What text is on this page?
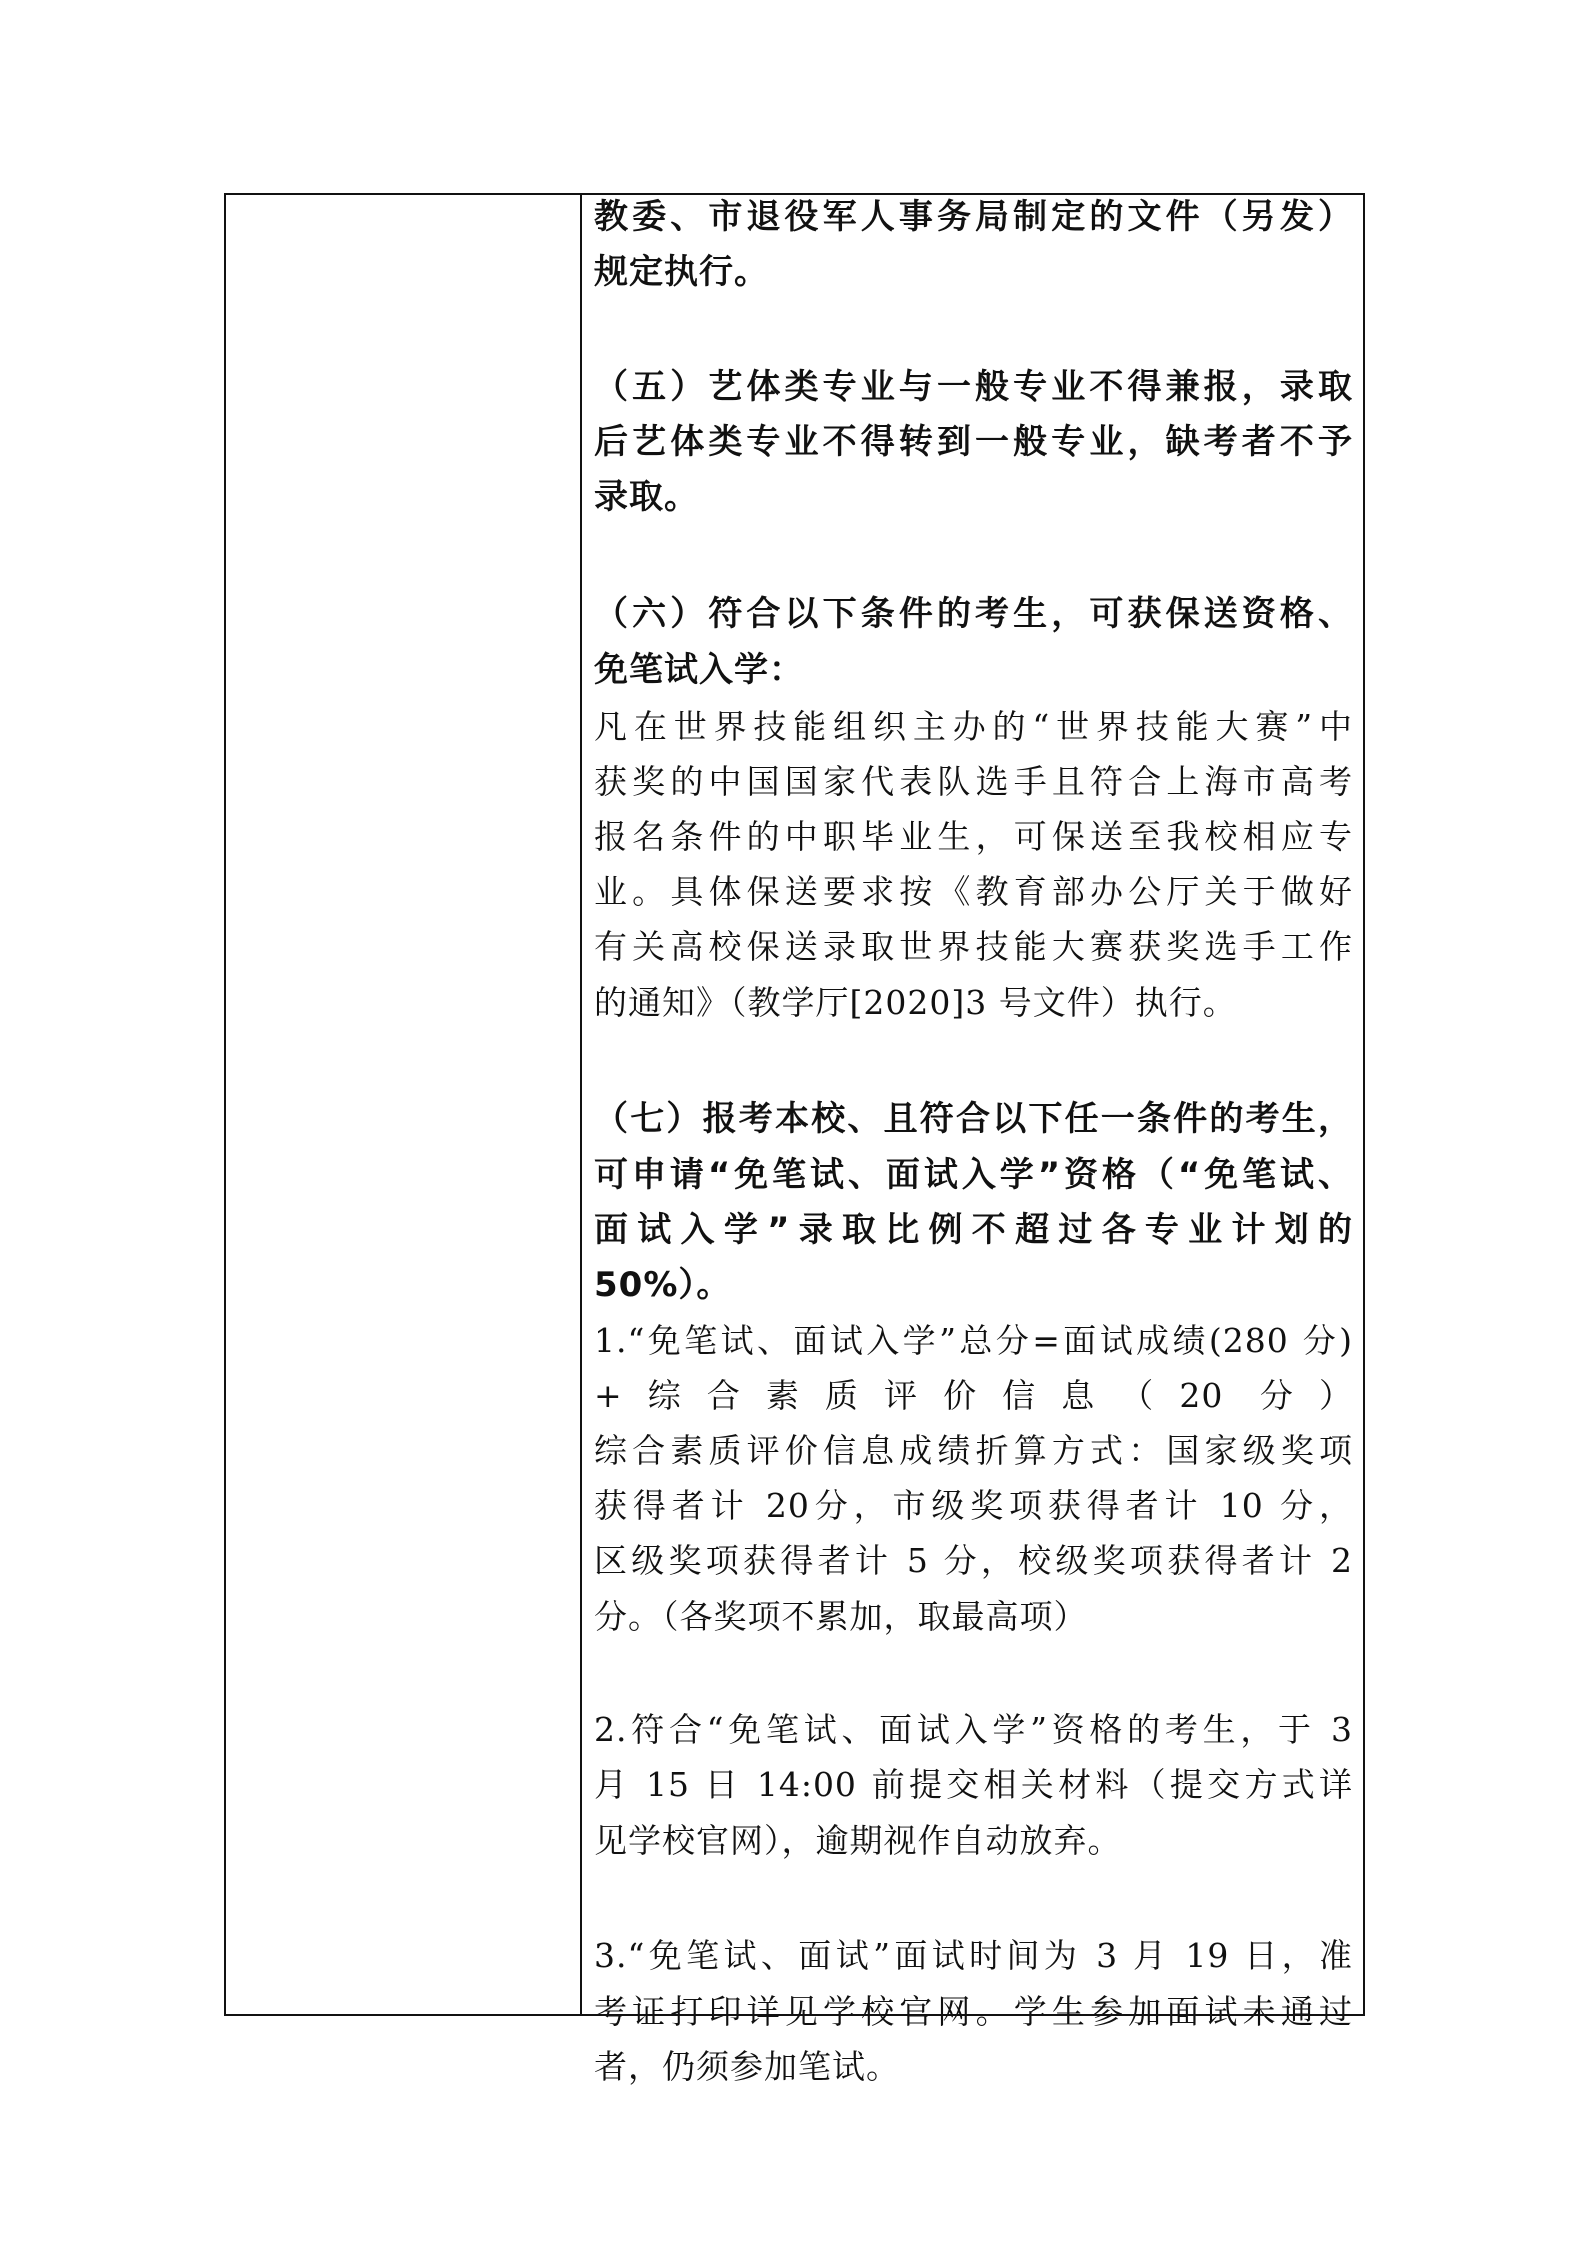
教委、市退役军人事务局制定的文件（另发）
规定执行。
（五）艺体类专业与一般专业不得兼报，录取
后艺体类专业不得转到一般专业，缺考者不予
录取。
（六）符合以下条件的考生，可获保送资格、
免笔试入学：
凡在世界技能组织主办的“世界技能大赛”中
获奖的中国国家代表队选手且符合上海市高考
报名条件的中职毕业生，可保送至我校相应专
业。具体保送要求按《教育部办公厅关于做好
有关高校保送录取世界技能大赛获奖选手工作
的通知》（教学厅[2020]3 号文件）执行。
（七）报考本校、且符合以下任一条件的考生，
可申请“免笔试、面试入学”资格（“免笔试、
面试入学”录取比例不超过各专业计划的
50%）。
1.“免笔试、面试入学”总分=面试成绩(280 分)
+综合素质评价信息（20 分）
综合素质评价信息成绩折算方式：国家级奖项
获得者计 20分，市级奖项获得者计 10 分，
区级奖项获得者计 5 分，校级奖项获得者计 2
分。（各奖项不累加，取最高项）
2.符合“免笔试、面试入学”资格的考生，于 3
月 15 日 14:00 前提交相关材料（提交方式详
见学校官网），逾期视作自动放弃。
3.“免笔试、面试”面试时间为 3 月 19 日，准
考证打印详见学校官网。学生参加面试未通过
者，仍须参加笔试。
